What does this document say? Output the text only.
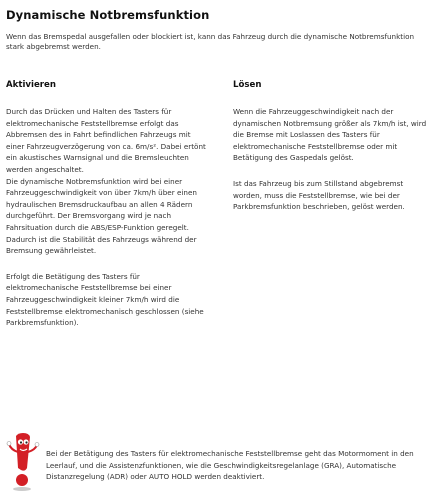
Dynamische Notbremsfunktion
Wenn das Bremspedal ausgefallen oder blockiert ist, kann das Fahrzeug durch die dynamische Notbremsfunktion stark abgebremst werden.
Aktivieren

Durch das Drücken und Halten des Tasters für elektromechanische Feststellbremse erfolgt das Abbremsen des in Fahrt befindlichen Fahrzeugs mit einer Fahrzeugverzögerung von ca. 6m/s². Dabei ertönt ein akustisches Warnsignal und die Bremsleuchten werden angeschaltet.

Die dynamische Notbremsfunktion wird bei einer Fahrzeuggeschwindigkeit von über 7km/h über einen hydraulischen Bremsdruckaufbau an allen 4 Rädern durchgeführt. Der Bremsvorgang wird je nach Fahrsituation durch die ABS/ESP-Funktion geregelt. Dadurch ist die Stabilität des Fahrzeugs während der Bremsung gewährleistet.

Erfolgt die Betätigung des Tasters für elektromechanische Feststellbremse bei einer Fahrzeuggeschwindigkeit kleiner 7km/h wird die Feststellbremse elektromechanisch geschlossen (siehe Parkbremsfunktion).

Lösen

Wenn die Fahrzeuggeschwindigkeit nach der dynamischen Notbremsung größer als 7km/h ist, wird die Bremse mit Loslassen des Tasters für elektromechanische Feststellbremse oder mit Betätigung des Gaspedals gelöst.

Ist das Fahrzeug bis zum Stillstand abgebremst worden, muss die Feststellbremse, wie bei der Parkbremsfunktion beschrieben, gelöst werden.

Bei der Betätigung des Tasters für elektromechanische Feststellbremse geht das Motormoment in den Leerlauf, und die Assistenzfunktionen, wie die Geschwindigkeitsregelanlage (GRA), Automatische Distanzregelung (ADR) oder AUTO HOLD werden deaktiviert.
